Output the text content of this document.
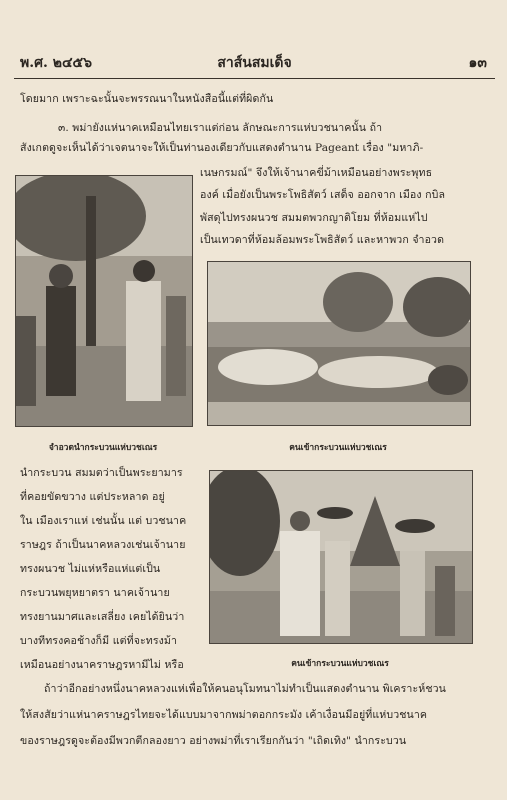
พ.ศ. ๒๔๕๖	สาส์นสมเด็จ	๑๓
โดยมาก เพราะฉะนั้นจะพรรณนาในหนังสือนี้แต่ที่ผิดกัน
๓. พม่ายังแห่นาคเหมือนไทยเราแต่ก่อน ลักษณะการแห่บวชนาคนั้น ถ้า
สังเกตดูจะเห็นได้ว่าเจตนาจะให้เป็นท่านองเดียวกับแสดงตำนาน Pageant เรื่อง "มหาภิ-
เนษกรมณ์" จึงให้เจ้านาคขี่ม้าเหมือนอย่างพระพุทธ
องค์ เมื่อยังเป็นพระโพธิสัตว์ เสด็จ ออกจาก เมือง กบิล
พัสดุไปทรงผนวช สมมตพวกญาติโยม ที่ห้อมแห่ไป
เป็นเทวดาที่ห้อมล้อมพระโพธิสัตว์ และหาพวก จำอวด
จำอวดนำกระบวนแห่บวชเณร	คนเข้ากระบวนแห่บวชเณร
นำกระบวน สมมตว่าเป็นพระยามาร
ที่คอยขัดขวาง แต่ประหลาด อยู่
ใน เมืองเราแห่ เช่นนั้น แต่ บวชนาค
ราษฎร ถ้าเป็นนาคหลวงเช่นเจ้านาย
ทรงผนวช ไม่แห่หรือแห่แต่เป็น
กระบวนพยุหยาตรา นาคเจ้านาย
ทรงยานมาศและเสลี่ยง เคยได้ยินว่า
บางทีทรงคอช้างก็มี แต่ที่จะทรงม้า
เหมือนอย่างนาคราษฎรหามีไม่ หรือ	คนเข้ากระบวนแห่บวชเณร
ถ้าว่าอีกอย่างหนึ่งนาคหลวงแห่เพื่อให้คนอนุโมทนาไม่ทำเป็นแสดงตำนาน พิเคราะห์ชวน
ให้สงสัยว่าแห่นาคราษฎรไทยจะได้แบบมาจากพม่าตอกกระมัง เค้าเงื่อนมีอยู่ที่แห่บวชนาค
ของราษฎรดูจะต้องมีพวกตีกลองยาว อย่างพม่าที่เราเรียกกันว่า "เถิดเทิง" นำกระบวน
